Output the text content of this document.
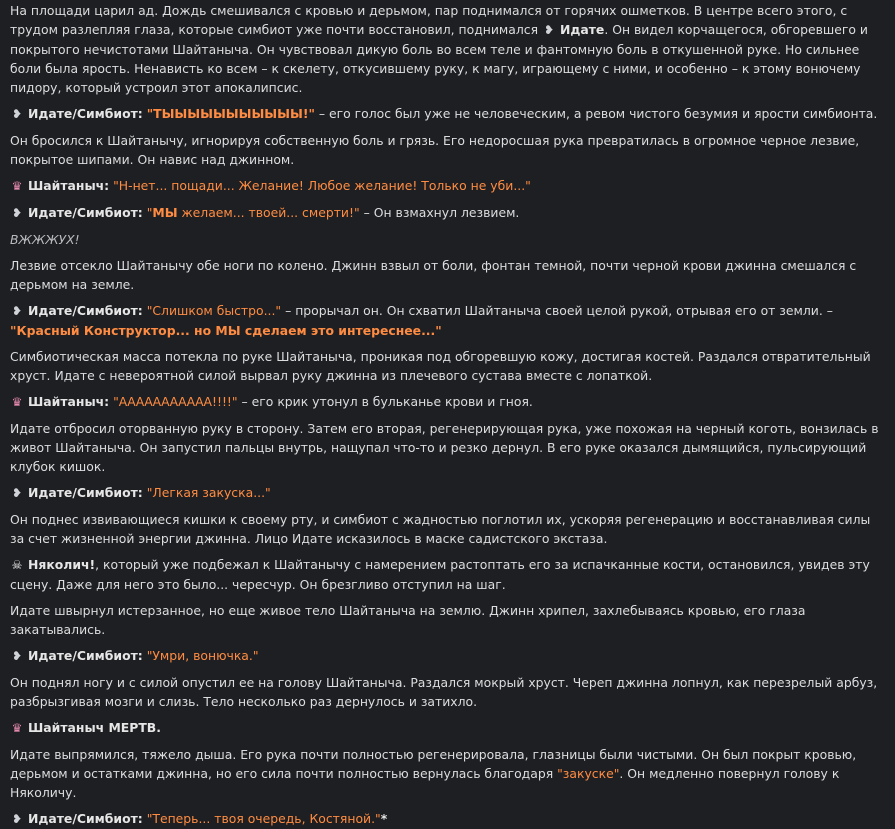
На площади царил ад. Дождь смешивался с кровью и дерьмом, пар поднимался от горячих ошметков. В центре всего этого, с трудом разлепляя глаза, которые симбиот уже почти восстановил, поднимался ❥ Идате. Он видел корчащегося, обгоревшего и покрытого нечистотами Шайтаныча. Он чувствовал дикую боль во всем теле и фантомную боль в откушенной руке. Но сильнее боли была ярость. Ненависть ко всем – к скелету, откусившему руку, к магу, играющему с ними, и особенно – к этому вонючему пидору, который устроил этот апокалипсис.

❥ Идате/Симбиот: "ТЫЫЫЫЫЫЫЫЫЫЫ!" – его голос был уже не человеческим, а ревом чистого безумия и ярости симбионта.

Он бросился к Шайтанычу, игнорируя собственную боль и грязь. Его недоросшая рука превратилась в огромное черное лезвие, покрытое шипами. Он навис над джинном.

♛ Шайтаныч: "Н-нет... пощади... Желание! Любое желание! Только не уби..."

❥ Идате/Симбиот: "МЫ желаем... твоей... смерти!" – Он взмахнул лезвием.

ВЖЖЖУХ!

Лезвие отсекло Шайтанычу обе ноги по колено. Джинн взвыл от боли, фонтан темной, почти черной крови джинна смешался с дерьмом на земле.

❥ Идате/Симбиот: "Слишком быстро..." – прорычал он. Он схватил Шайтаныча своей целой рукой, отрывая его от земли. – "Красный Конструктор... но МЫ сделаем это интереснее..."

Симбиотическая масса потекла по руке Шайтаныча, проникая под обгоревшую кожу, достигая костей. Раздался отвратительный хруст. Идате с невероятной силой вырвал руку джинна из плечевого сустава вместе с лопаткой.

♛ Шайтаныч: "ААААААААААА!!!!" – его крик утонул в бульканье крови и гноя.

Идате отбросил оторванную руку в сторону. Затем его вторая, регенерирующая рука, уже похожая на черный коготь, вонзилась в живот Шайтаныча. Он запустил пальцы внутрь, нащупал что-то и резко дернул. В его руке оказался дымящийся, пульсирующий клубок кишок.

❥ Идате/Симбиот: "Легкая закуска..."

Он поднес извивающиеся кишки к своему рту, и симбиот с жадностью поглотил их, ускоряя регенерацию и восстанавливая силы за счет жизненной энергии джинна. Лицо Идате исказилось в маске садистского экстаза.

☠ Няколич!, который уже подбежал к Шайтанычу с намерением растоптать его за испачканные кости, остановился, увидев эту сцену. Даже для него это было... чересчур. Он брезгливо отступил на шаг.

Идате швырнул истерзанное, но еще живое тело Шайтаныча на землю. Джинн хрипел, захлебываясь кровью, его глаза закатывались.

❥ Идате/Симбиот: "Умри, вонючка."

Он поднял ногу и с силой опустил ее на голову Шайтаныча. Раздался мокрый хруст. Череп джинна лопнул, как перезрелый арбуз, разбрызгивая мозги и слизь. Тело несколько раз дернулось и затихло.

♛ Шайтаныч МЕРТВ.

Идате выпрямился, тяжело дыша. Его рука почти полностью регенерировала, глазницы были чистыми. Он был покрыт кровью, дерьмом и остатками джинна, но его сила почти полностью вернулась благодаря "закуске". Он медленно повернул голову к Няколичу.

❥ Идате/Симбиот: "Теперь... твоя очередь, Костяной."*
